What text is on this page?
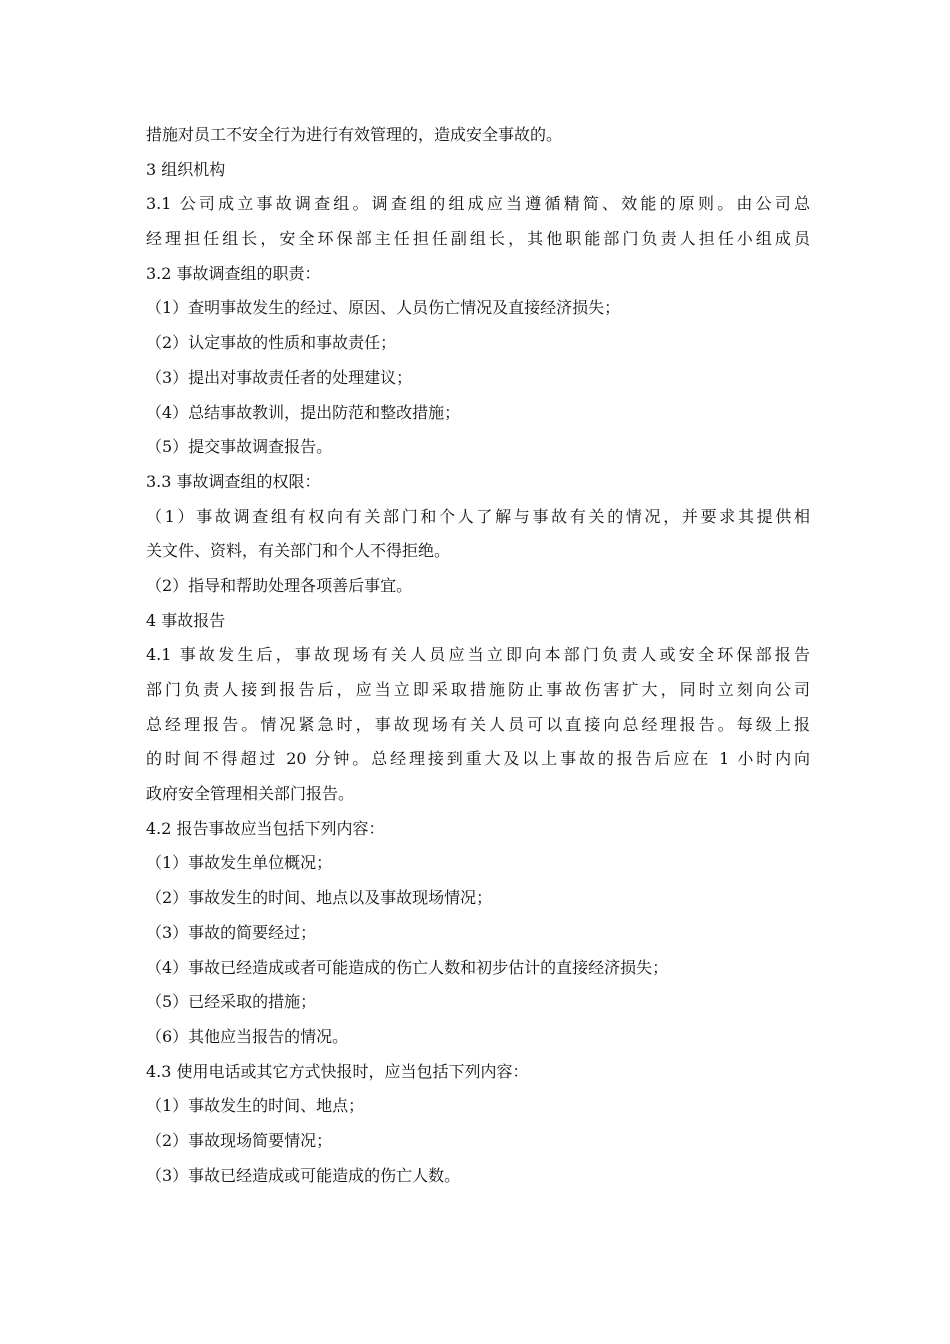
措施对员工不安全行为进行有效管理的，造成安全事故的。
3 组织机构
3.1 公司成立事故调查组。调查组的组成应当遵循精简、效能的原则。由公司总
经理担任组长，安全环保部主任担任副组长，其他职能部门负责人担任小组成员
3.2 事故调查组的职责：
（1）查明事故发生的经过、原因、人员伤亡情况及直接经济损失；
（2）认定事故的性质和事故责任；
（3）提出对事故责任者的处理建议；
（4）总结事故教训，提出防范和整改措施；
（5）提交事故调查报告。
3.3 事故调查组的权限：
（1）事故调查组有权向有关部门和个人了解与事故有关的情况，并要求其提供相
关文件、资料，有关部门和个人不得拒绝。
（2）指导和帮助处理各项善后事宜。
4 事故报告
4.1 事故发生后，事故现场有关人员应当立即向本部门负责人或安全环保部报告
部门负责人接到报告后，应当立即采取措施防止事故伤害扩大，同时立刻向公司
总经理报告。情况紧急时，事故现场有关人员可以直接向总经理报告。每级上报
的时间不得超过 20 分钟。总经理接到重大及以上事故的报告后应在 1 小时内向
政府安全管理相关部门报告。
4.2 报告事故应当包括下列内容：
（1）事故发生单位概况；
（2）事故发生的时间、地点以及事故现场情况；
（3）事故的简要经过；
（4）事故已经造成或者可能造成的伤亡人数和初步估计的直接经济损失；
（5）已经采取的措施；
（6）其他应当报告的情况。
4.3 使用电话或其它方式快报时，应当包括下列内容：
（1）事故发生的时间、地点；
（2）事故现场简要情况；
（3）事故已经造成或可能造成的伤亡人数。
